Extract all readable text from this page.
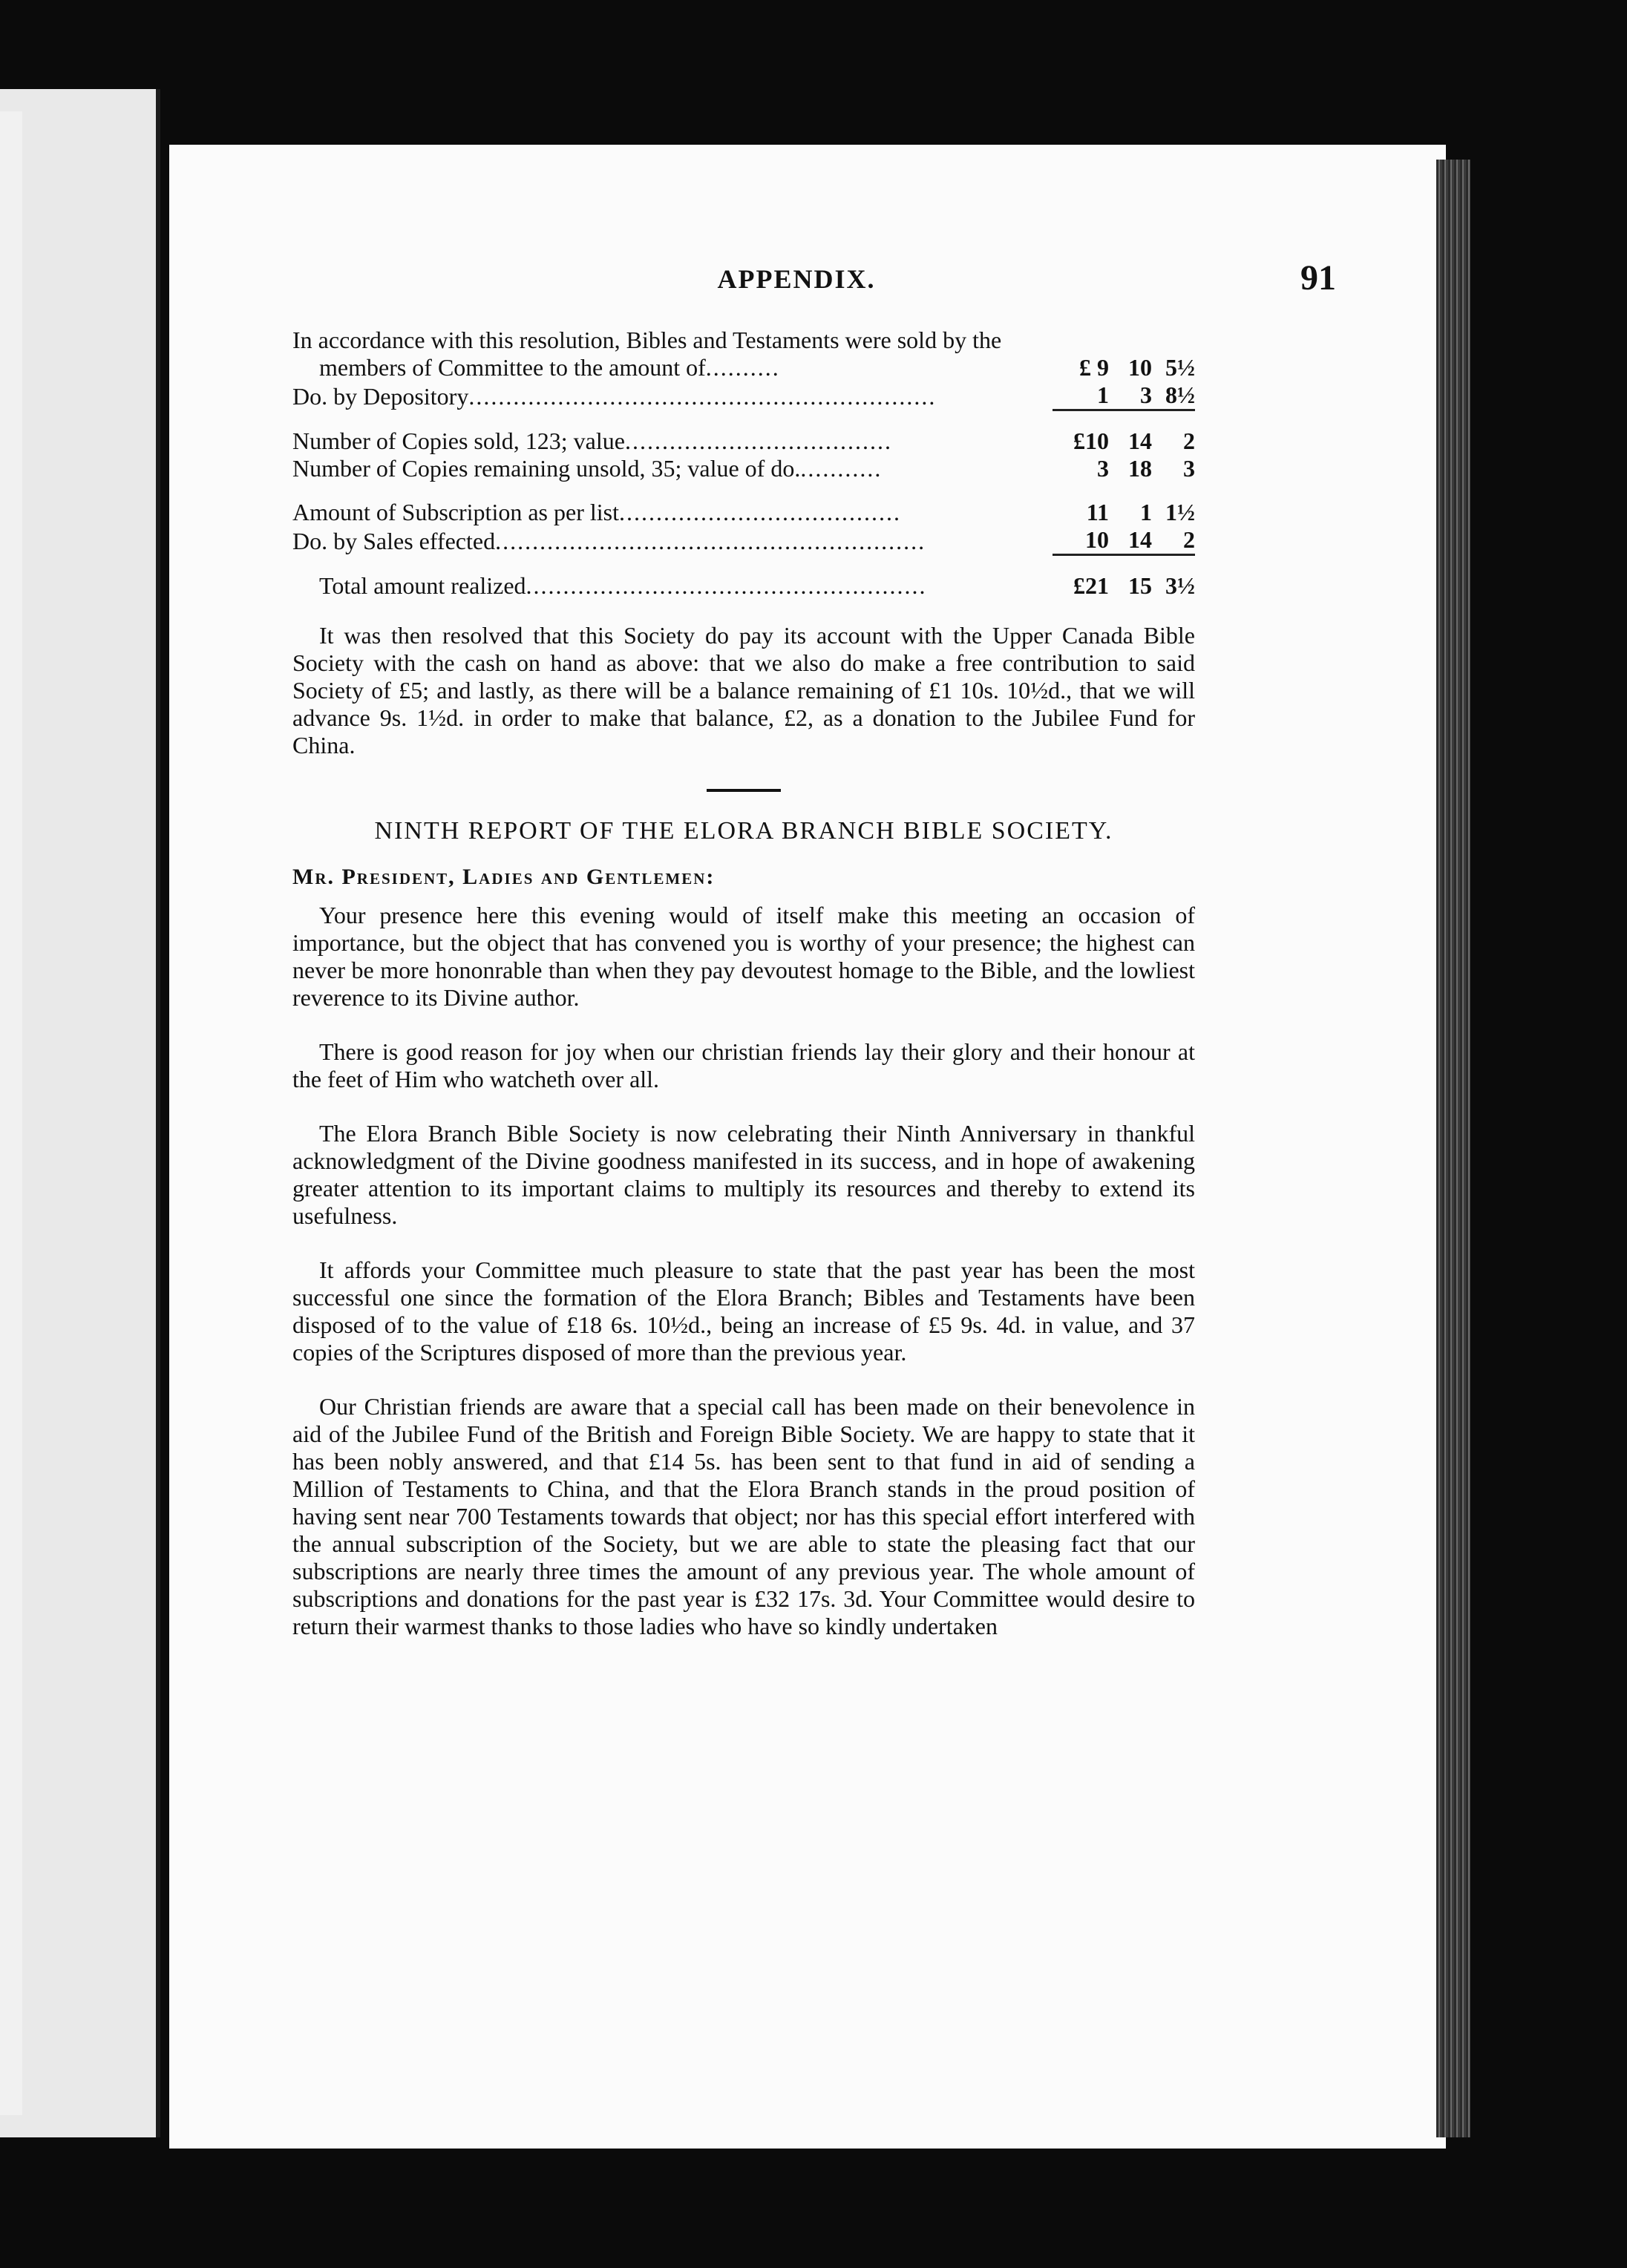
APPENDIX.	91
In accordance with this resolution, Bibles and Testaments were sold by the members of Committee to the amount of..........	£ 9	10	5½
Do. by Depository...............................................................	1	3	8½

Number of Copies sold, 123; value....................................	£10	14	2
Number of Copies remaining unsold, 35; value of do............	3	18	3

Amount of Subscription as per list......................................	11	1	1½
Do. by Sales effected..........................................................	10	14	2

Total amount realized......................................................	£21	15	3½

It was then resolved that this Society do pay its account with the Upper Canada Bible Society with the cash on hand as above: that we also do make a free contribution to said Society of £5; and lastly, as there will be a balance remaining of £1 10s. 10½d., that we will advance 9s. 1½d. in order to make that balance, £2, as a donation to the Jubilee Fund for China.

NINTH REPORT OF THE ELORA BRANCH BIBLE SOCIETY.
Mr. President, Ladies and Gentlemen:

Your presence here this evening would of itself make this meeting an occasion of importance, but the object that has convened you is worthy of your presence; the highest can never be more hononrable than when they pay devoutest homage to the Bible, and the lowliest reverence to its Divine author.

There is good reason for joy when our christian friends lay their glory and their honour at the feet of Him who watcheth over all.

The Elora Branch Bible Society is now celebrating their Ninth Anniversary in thankful acknowledgment of the Divine goodness manifested in its success, and in hope of awakening greater attention to its important claims to multiply its resources and thereby to extend its usefulness.

It affords your Committee much pleasure to state that the past year has been the most successful one since the formation of the Elora Branch; Bibles and Testaments have been disposed of to the value of £18 6s. 10½d., being an increase of £5 9s. 4d. in value, and 37 copies of the Scriptures disposed of more than the previous year.

Our Christian friends are aware that a special call has been made on their benevolence in aid of the Jubilee Fund of the British and Foreign Bible Society. We are happy to state that it has been nobly answered, and that £14 5s. has been sent to that fund in aid of sending a Million of Testaments to China, and that the Elora Branch stands in the proud position of having sent near 700 Testaments towards that object; nor has this special effort interfered with the annual subscription of the Society, but we are able to state the pleasing fact that our subscriptions are nearly three times the amount of any previous year. The whole amount of subscriptions and donations for the past year is £32 17s. 3d. Your Committee would desire to return their warmest thanks to those ladies who have so kindly undertaken
